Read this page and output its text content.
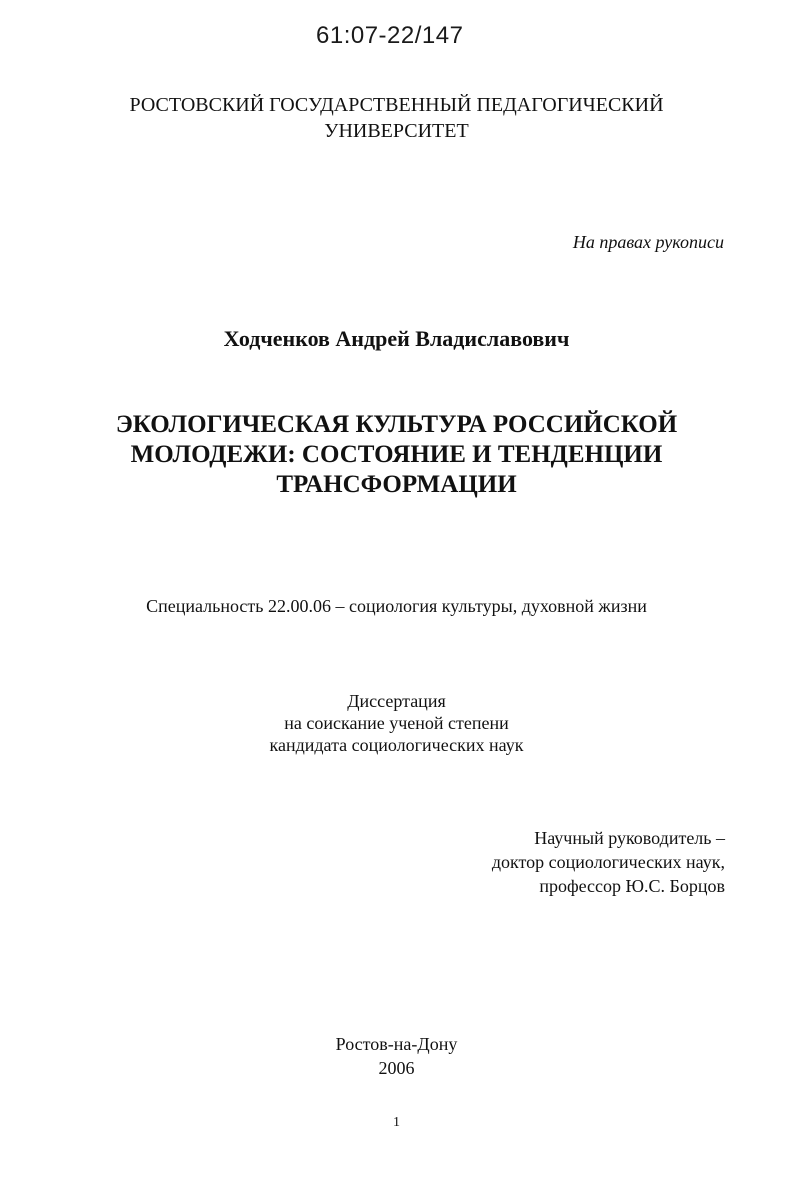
61:07-22/147
РОСТОВСКИЙ ГОСУДАРСТВЕННЫЙ ПЕДАГОГИЧЕСКИЙ
УНИВЕРСИТЕТ
На правах рукописи
Ходченков Андрей Владиславович
ЭКОЛОГИЧЕСКАЯ КУЛЬТУРА РОССИЙСКОЙ
МОЛОДЕЖИ: СОСТОЯНИЕ И ТЕНДЕНЦИИ
ТРАНСФОРМАЦИИ
Специальность 22.00.06 – социология культуры, духовной жизни
Диссертация
на соискание ученой степени
кандидата социологических наук
Научный руководитель –
доктор социологических наук,
профессор Ю.С. Борцов
Ростов-на-Дону
2006
1
